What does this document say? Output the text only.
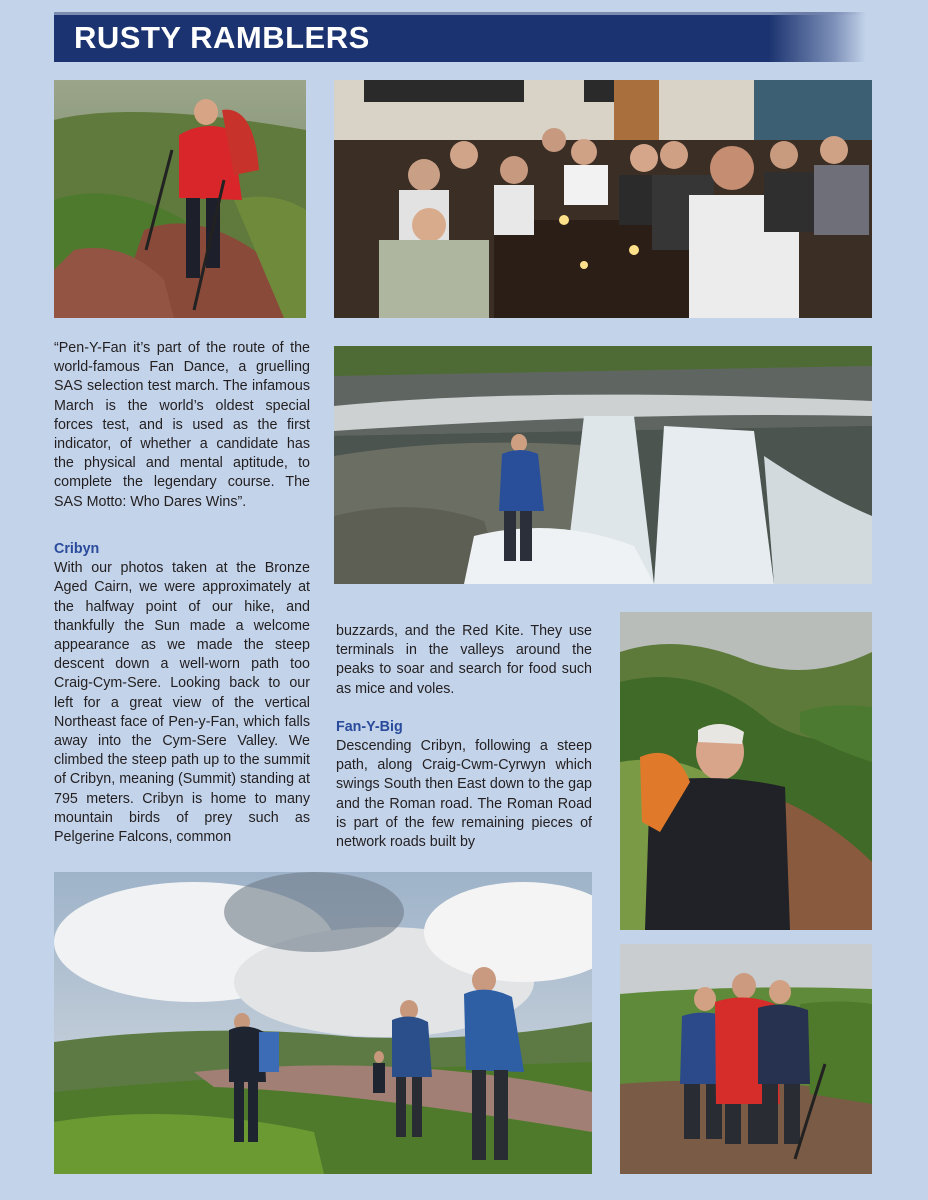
RUSTY RAMBLERS

“Pen-Y-Fan it’s part of the route of the world-famous Fan Dance, a gruelling SAS selection test march. The infamous March is the world’s oldest special forces test, and is used as the first indicator, of whether a candidate has the physical and mental aptitude, to complete the legendary course. The SAS Motto: Who Dares Wins”.

Cribyn

With our photos taken at the Bronze Aged Cairn, we were approximately at the halfway point of our hike, and thankfully the Sun made a welcome appearance as we made the steep descent down a well-worn path too Craig-Cym-Sere. Looking back to our left for a great view of the vertical Northeast face of Pen-y-Fan, which falls away into the Cym-Sere Valley. We climbed the steep path up to the summit of Cribyn, meaning (Summit) standing at 795 meters. Cribyn is home to many mountain birds of prey such as Pelgerine Falcons, common

buzzards, and the Red Kite. They use terminals in the valleys around the peaks to soar and search for food such as mice and voles.

Fan-Y-Big

Descending Cribyn, following a steep path, along Craig-Cwm-Cyrwyn which swings South then East down to the gap and the Roman road. The Roman Road is part of the few remaining pieces of network roads built by
